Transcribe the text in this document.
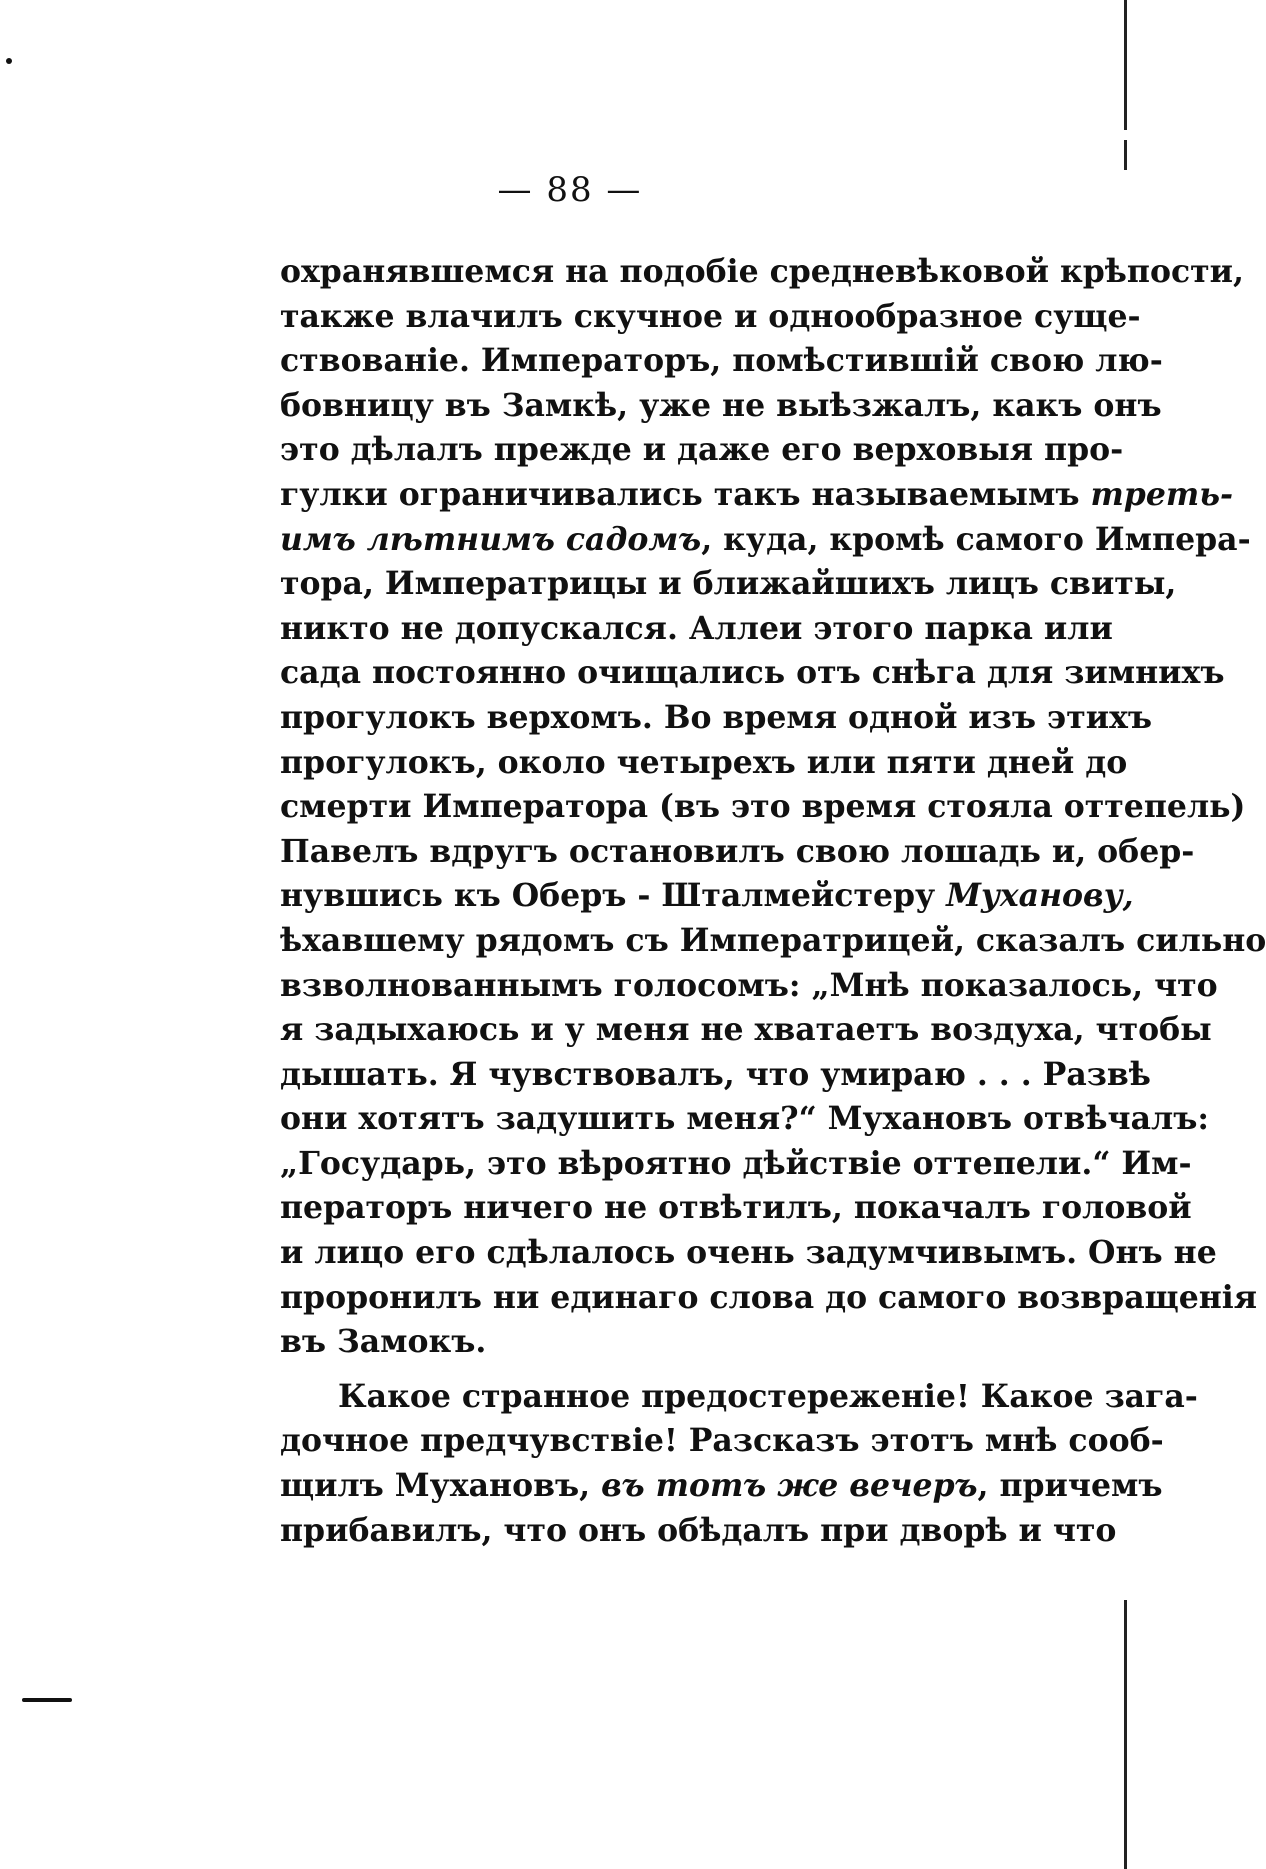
— 88 —
охранявшемся на подобіе средневѣковой крѣпости,
также влачилъ скучное и однообразное суще-
ствованіе. Императоръ, помѣстившій свою лю-
бовницу въ Замкѣ, уже не выѣзжалъ, какъ онъ
это дѣлалъ прежде и даже его верховыя про-
гулки ограничивались такъ называемымъ треть-
имъ лѣтнимъ садомъ, куда, кромѣ самого Импера-
тора, Императрицы и ближайшихъ лицъ свиты,
никто не допускался. Аллеи этого парка или
сада постоянно очищались отъ снѣга для зимнихъ
прогулокъ верхомъ. Во время одной изъ этихъ
прогулокъ, около четырехъ или пяти дней до
смерти Императора (въ это время стояла оттепель)
Павелъ вдругъ остановилъ свою лошадь и, обер-
нувшись къ Оберъ - Шталмейстеру Муханову,
ѣхавшему рядомъ съ Императрицей, сказалъ сильно
взволнованнымъ голосомъ: „Мнѣ показалось, что
я задыхаюсь и у меня не хватаетъ воздуха, чтобы
дышать. Я чувствовалъ, что умираю . . . Развѣ
они хотятъ задушить меня?“ Мухановъ отвѣчалъ:
„Государь, это вѣроятно дѣйствіе оттепели.“ Им-
ператоръ ничего не отвѣтилъ, покачалъ головой
и лицо его сдѣлалось очень задумчивымъ. Онъ не
проронилъ ни единаго слова до самого возвращенія
въ Замокъ.
Какое странное предостереженіе! Какое зага-
дочное предчувствіе! Разсказъ этотъ мнѣ сооб-
щилъ Мухановъ, въ тотъ же вечеръ, причемъ
прибавилъ, что онъ обѣдалъ при дворѣ и что
